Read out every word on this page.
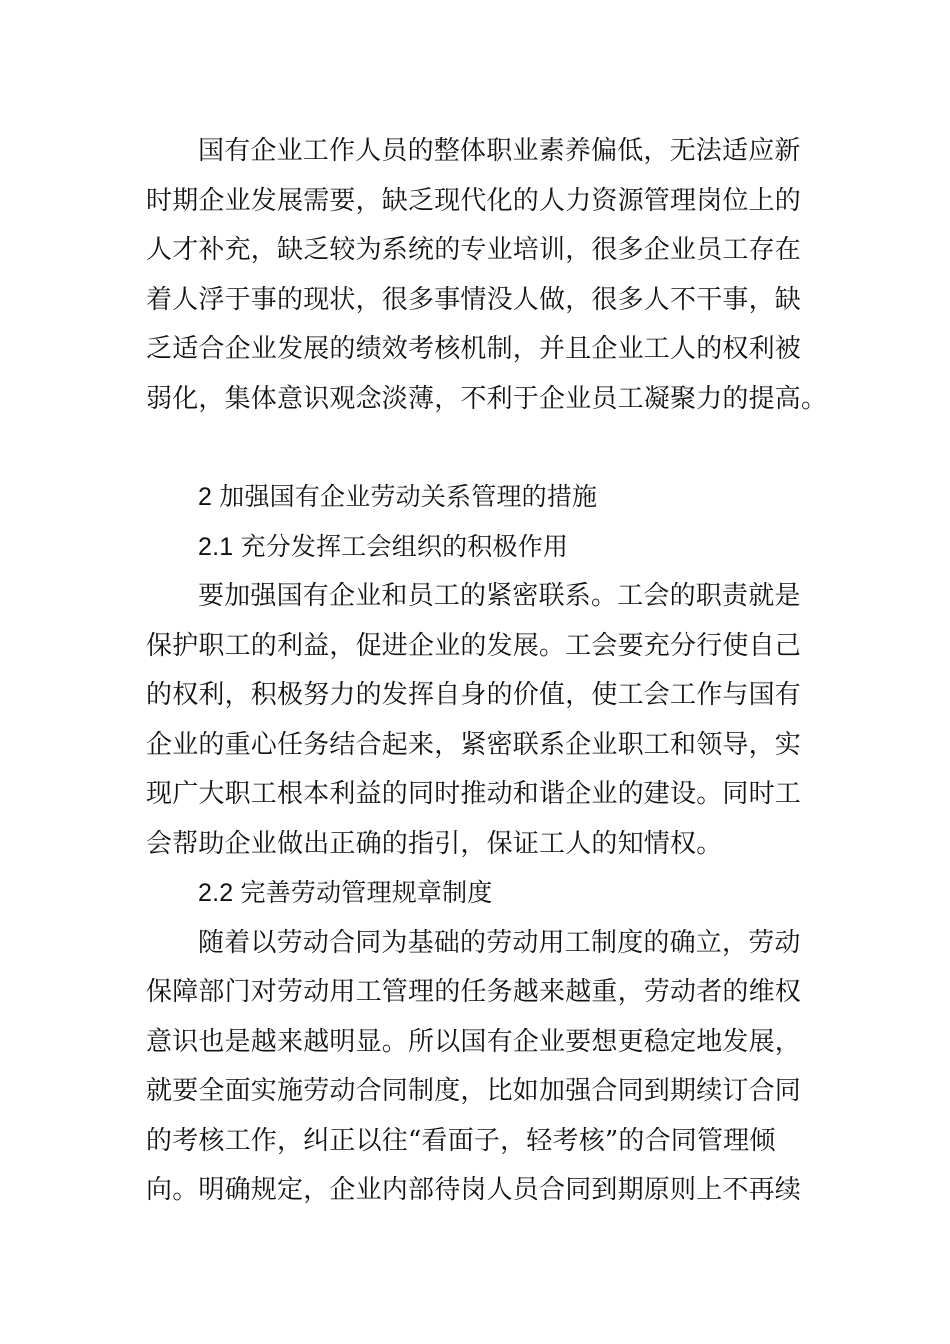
国有企业工作人员的整体职业素养偏低，无法适应新
时期企业发展需要，缺乏现代化的人力资源管理岗位上的
人才补充，缺乏较为系统的专业培训，很多企业员工存在
着人浮于事的现状，很多事情没人做，很多人不干事，缺
乏适合企业发展的绩效考核机制，并且企业工人的权利被
弱化，集体意识观念淡薄，不利于企业员工凝聚力的提高。
2 加强国有企业劳动关系管理的措施
2.1 充分发挥工会组织的积极作用
要加强国有企业和员工的紧密联系。工会的职责就是
保护职工的利益，促进企业的发展。工会要充分行使自己
的权利，积极努力的发挥自身的价值，使工会工作与国有
企业的重心任务结合起来，紧密联系企业职工和领导，实
现广大职工根本利益的同时推动和谐企业的建设。同时工
会帮助企业做出正确的指引，保证工人的知情权。
2.2 完善劳动管理规章制度
随着以劳动合同为基础的劳动用工制度的确立，劳动
保障部门对劳动用工管理的任务越来越重，劳动者的维权
意识也是越来越明显。所以国有企业要想更稳定地发展，
就要全面实施劳动合同制度，比如加强合同到期续订合同
的考核工作，纠正以往“看面子，轻考核”的合同管理倾
向。明确规定，企业内部待岗人员合同到期原则上不再续
